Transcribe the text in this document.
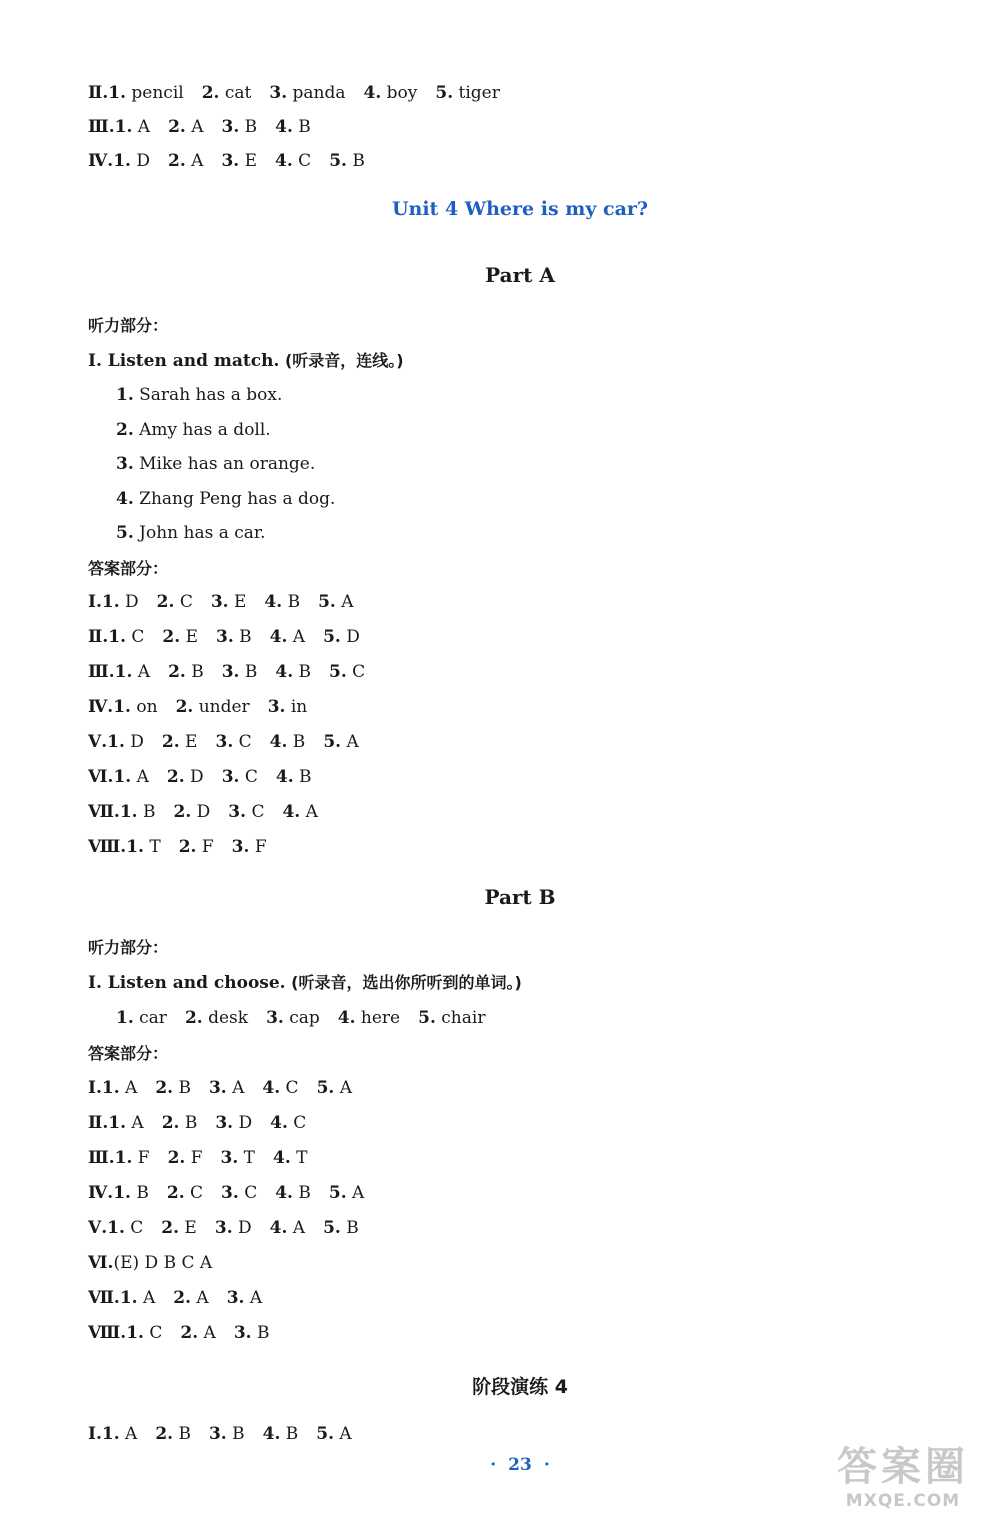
Ⅱ.1. pencil 2. cat 3. panda 4. boy 5. tiger
Ⅲ.1. A 2. A 3. B 4. B
Ⅳ.1. D 2. A 3. E 4. C 5. B
Unit 4 Where is my car?
Part A
听力部分：
Ⅰ. Listen and match. (听录音，连线。)
1. Sarah has a box.
2. Amy has a doll.
3. Mike has an orange.
4. Zhang Peng has a dog.
5. John has a car.
答案部分：
Ⅰ.1. D 2. C 3. E 4. B 5. A
Ⅱ.1. C 2. E 3. B 4. A 5. D
Ⅲ.1. A 2. B 3. B 4. B 5. C
Ⅳ.1. on 2. under 3. in
Ⅴ.1. D 2. E 3. C 4. B 5. A
Ⅵ.1. A 2. D 3. C 4. B
Ⅶ.1. B 2. D 3. C 4. A
Ⅷ.1. T 2. F 3. F
Part B
听力部分：
Ⅰ. Listen and choose. (听录音，选出你所听到的单词。)
1. car 2. desk 3. cap 4. here 5. chair
答案部分：
Ⅰ.1. A 2. B 3. A 4. C 5. A
Ⅱ.1. A 2. B 3. D 4. C
Ⅲ.1. F 2. F 3. T 4. T
Ⅳ.1. B 2. C 3. C 4. B 5. A
Ⅴ.1. C 2. E 3. D 4. A 5. B
Ⅵ.(E) D B C A
Ⅶ.1. A 2. A 3. A
Ⅷ.1. C 2. A 3. B
阶段演练 4
Ⅰ.1. A 2. B 3. B 4. B 5. A
· 23 ·	答案圈
MXQE.COM
